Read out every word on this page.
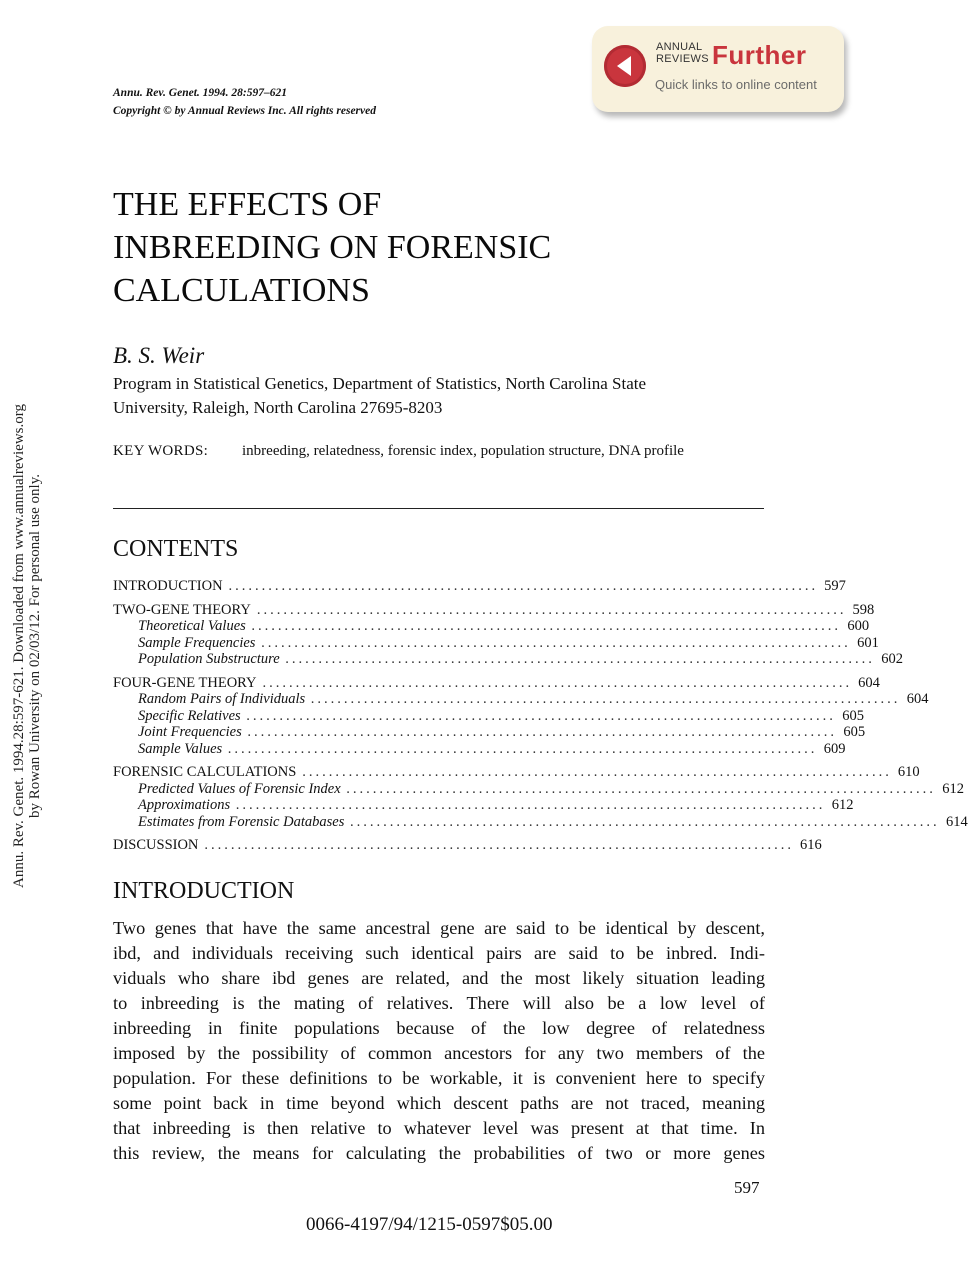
ANNUAL
REVIEWS Further
Quick links to online content
Annu. Rev. Genet. 1994. 28:597–621
Copyright © by Annual Reviews Inc. All rights reserved
Annu. Rev. Genet. 1994.28:597-621. Downloaded from www.annualreviews.org by Rowan University on 02/03/12. For personal use only.
THE EFFECTS OF
INBREEDING ON FORENSIC
CALCULATIONS
B. S. Weir
Program in Statistical Genetics, Department of Statistics, North Carolina State
University, Raleigh, North Carolina 27695-8203
KEY WORDS: inbreeding, relatedness, forensic index, population structure, DNA profile
CONTENTS
INTRODUCTION ......................................................................................... 597
TWO-GENE THEORY ......................................................................................... 598
Theoretical Values ......................................................................................... 600
Sample Frequencies ......................................................................................... 601
Population Substructure ......................................................................................... 602
FOUR-GENE THEORY ......................................................................................... 604
Random Pairs of Individuals ......................................................................................... 604
Specific Relatives ......................................................................................... 605
Joint Frequencies ......................................................................................... 605
Sample Values ......................................................................................... 609
FORENSIC CALCULATIONS ......................................................................................... 610
Predicted Values of Forensic Index ......................................................................................... 612
Approximations ......................................................................................... 612
Estimates from Forensic Databases ......................................................................................... 614
DISCUSSION ......................................................................................... 616
INTRODUCTION
Two genes that have the same ancestral gene are said to be identical by descent,
ibd, and individuals receiving such identical pairs are said to be inbred. Indi-
viduals who share ibd genes are related, and the most likely situation leading
to inbreeding is the mating of relatives. There will also be a low level of
inbreeding in finite populations because of the low degree of relatedness
imposed by the possibility of common ancestors for any two members of the
population. For these definitions to be workable, it is convenient here to specify
some point back in time beyond which descent paths are not traced, meaning
that inbreeding is then relative to whatever level was present at that time. In
this review, the means for calculating the probabilities of two or more genes
597
0066-4197/94/1215-0597$05.00
